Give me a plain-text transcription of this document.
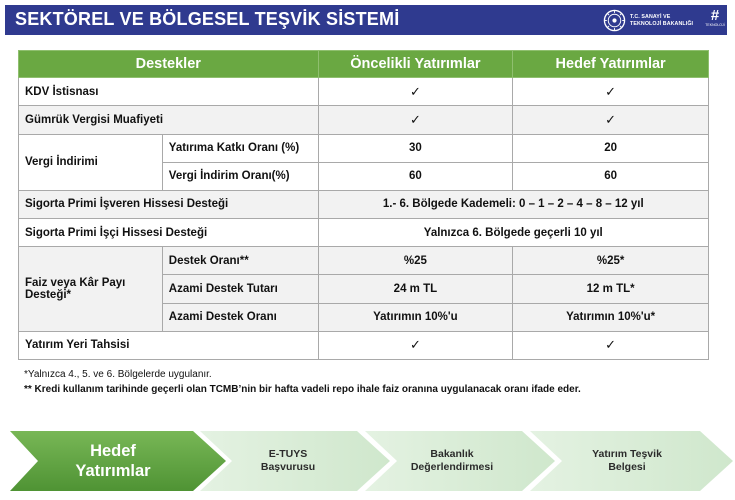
SEKTÖREL VE BÖLGESEL TEŞVİK SİSTEMİ	T.C. SANAYİ VE
TEKNOLOJİ BAKANLIĞI	#
TEKNOLOJİ
Destekler		Öncelikli Yatırımlar	Hedef Yatırımlar
KDV İstisnası		✓	✓
Gümrük Vergisi Muafiyeti		✓	✓
Vergi İndirimi	Yatırıma Katkı Oranı (%)	30	20
	Vergi İndirim Oranı(%)	60	60
Sigorta Primi İşveren Hissesi Desteği		1.- 6. Bölgede Kademeli: 0 – 1 – 2 – 4 – 8 – 12 yıl	
Sigorta Primi İşçi Hissesi Desteği		Yalnızca 6. Bölgede geçerli 10 yıl	
Faiz veya Kâr Payı Desteği*	Destek Oranı**	%25	%25*
	Azami Destek Tutarı	24 m TL	12 m TL*
	Azami Destek Oranı	Yatırımın 10%'u	Yatırımın 10%'u*
Yatırım Yeri Tahsisi		✓	✓
*Yalnızca 4., 5. ve 6. Bölgelerde uygulanır.
** Kredi kullanım tarihinde geçerli olan TCMB’nin bir hafta vadeli repo ihale faiz oranına uygulanacak oranı ifade eder.
Hedef
Yatırımlar
E-TUYS
Başvurusu
Bakanlık
Değerlendirmesi
Yatırım Teşvik
Belgesi
